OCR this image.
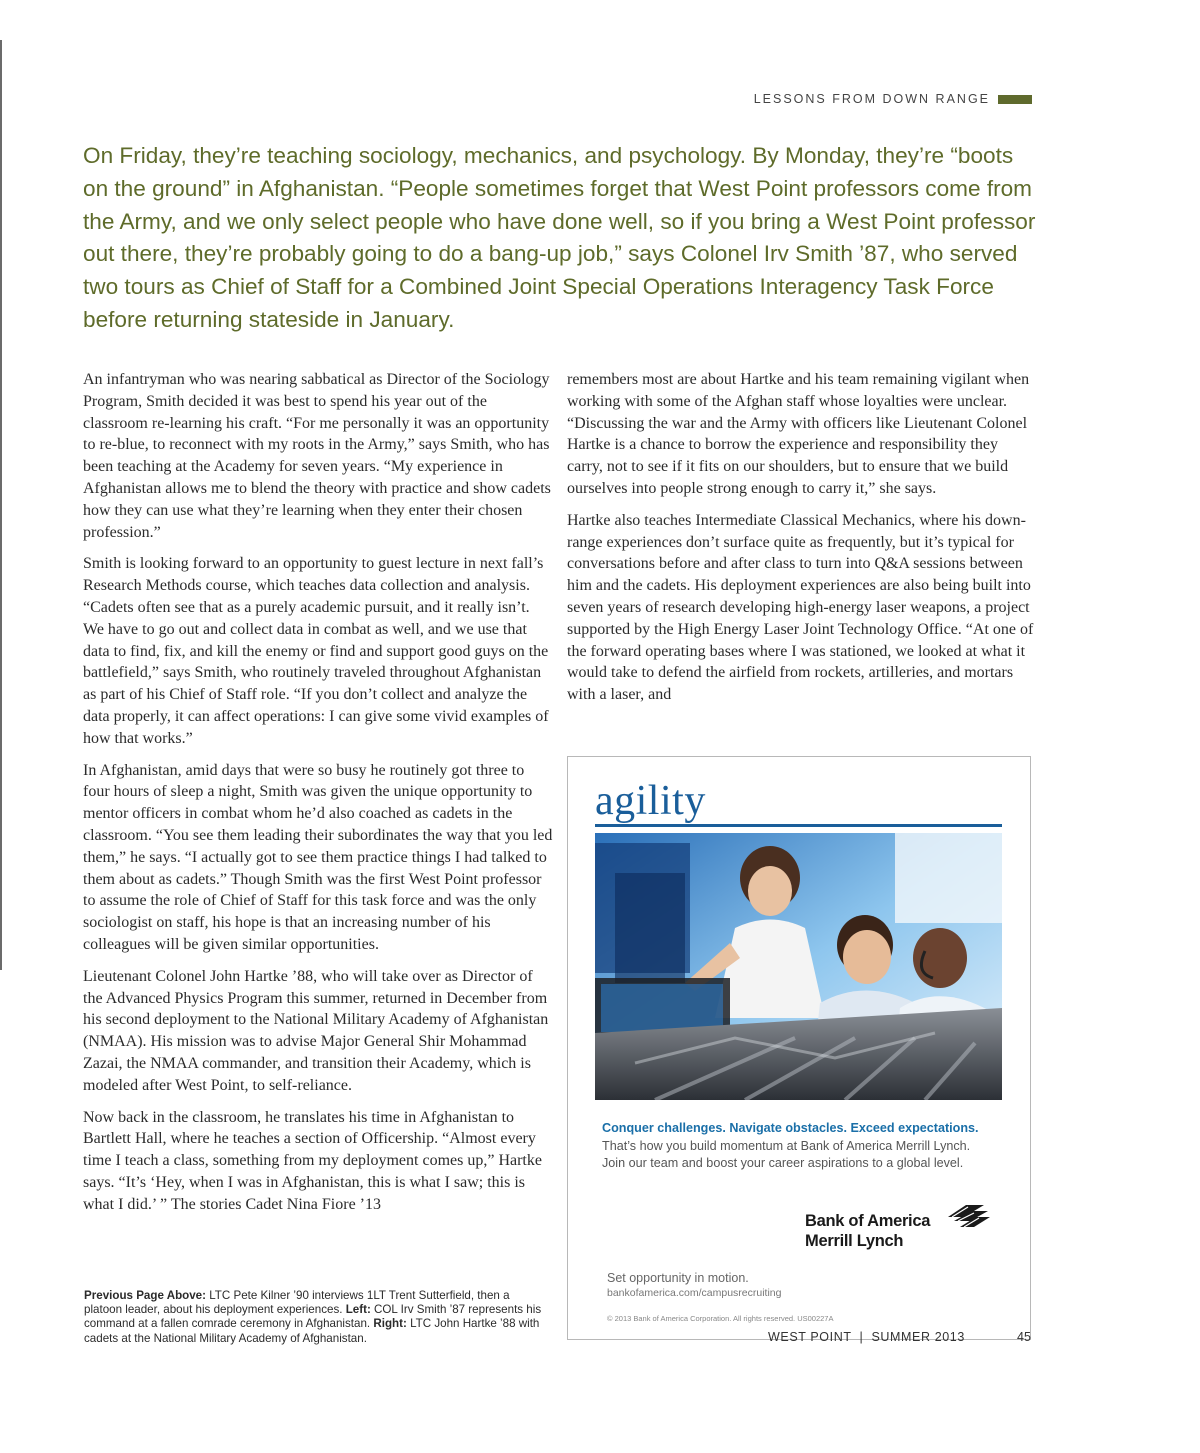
LESSONS FROM DOWN RANGE
On Friday, they’re teaching sociology, mechanics, and psychology. By Monday, they’re “boots on the ground” in Afghanistan. “People sometimes forget that West Point professors come from the Army, and we only select people who have done well, so if you bring a West Point professor out there, they’re probably going to do a bang-up job,” says Colonel Irv Smith ’87, who served two tours as Chief of Staff for a Combined Joint Special Operations Interagency Task Force before returning stateside in January.

An infantryman who was nearing sabbatical as Director of the Sociology Program, Smith decided it was best to spend his year out of the classroom re-learning his craft. “For me personally it was an opportunity to re-blue, to reconnect with my roots in the Army,” says Smith, who has been teaching at the Academy for seven years. “My experience in Afghanistan allows me to blend the theory with practice and show cadets how they can use what they’re learning when they enter their chosen profession.”

Smith is looking forward to an opportunity to guest lecture in next fall’s Research Methods course, which teaches data collection and analysis. “Cadets often see that as a purely academic pursuit, and it really isn’t. We have to go out and collect data in combat as well, and we use that data to find, fix, and kill the enemy or find and support good guys on the battlefield,” says Smith, who routinely traveled throughout Afghanistan as part of his Chief of Staff role. “If you don’t collect and analyze the data properly, it can affect operations: I can give some vivid examples of how that works.”

In Afghanistan, amid days that were so busy he routinely got three to four hours of sleep a night, Smith was given the unique opportunity to mentor officers in combat whom he’d also coached as cadets in the classroom. “You see them leading their subordinates the way that you led them,” he says. “I actually got to see them practice things I had talked to them about as cadets.” Though Smith was the first West Point professor to assume the role of Chief of Staff for this task force and was the only sociologist on staff, his hope is that an increasing number of his colleagues will be given similar opportunities.

Lieutenant Colonel John Hartke ’88, who will take over as Director of the Advanced Physics Program this summer, returned in December from his second deployment to the National Military Academy of Afghanistan (NMAA). His mission was to advise Major General Shir Mohammad Zazai, the NMAA commander, and transition their Academy, which is modeled after West Point, to self-reliance.

Now back in the classroom, he translates his time in Afghanistan to Bartlett Hall, where he teaches a section of Officership. “Almost every time I teach a class, something from my deployment comes up,” Hartke says. “It’s ‘Hey, when I was in Afghanistan, this is what I saw; this is what I did.’ ” The stories Cadet Nina Fiore ’13

remembers most are about Hartke and his team remaining vigilant when working with some of the Afghan staff whose loyalties were unclear. “Discussing the war and the Army with officers like Lieutenant Colonel Hartke is a chance to borrow the experience and responsibility they carry, not to see if it fits on our shoulders, but to ensure that we build ourselves into people strong enough to carry it,” she says.

Hartke also teaches Intermediate Classical Mechanics, where his down-range experiences don’t surface quite as frequently, but it’s typical for conversations before and after class to turn into Q&A sessions between him and the cadets. His deployment experiences are also being built into seven years of research developing high-energy laser weapons, a project supported by the High Energy Laser Joint Technology Office. “At one of the forward operating bases where I was stationed, we looked at what it would take to defend the airfield from rockets, artilleries, and mortars with a laser, and

Previous Page Above: LTC Pete Kilner ’90 interviews 1LT Trent Sutterfield, then a platoon leader, about his deployment experiences. Left: COL Irv Smith ’87 represents his command at a fallen comrade ceremony in Afghanistan. Right: LTC John Hartke ’88 with cadets at the National Military Academy of Afghanistan.
agility
Conquer challenges. Navigate obstacles. Exceed expectations.
That’s how you build momentum at Bank of America Merrill Lynch. Join our team and boost your career aspirations to a global level.
Bank of America
Merrill Lynch
Set opportunity in motion.
bankofamerica.com/campusrecruiting
© 2013 Bank of America Corporation. All rights reserved. US00227A
WEST POINT  |  SUMMER 2013	45
